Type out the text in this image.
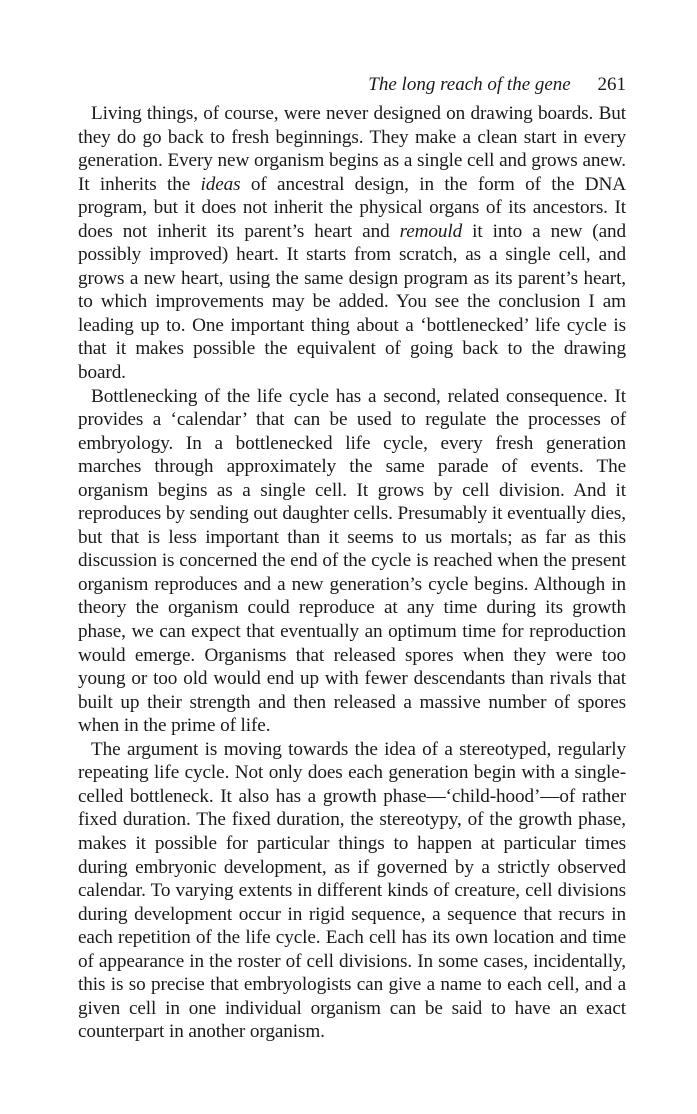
The long reach of the gene 261

Living things, of course, were never designed on drawing boards. But they do go back to fresh beginnings. They make a clean start in every generation. Every new organism begins as a single cell and grows anew. It inherits the ideas of ancestral design, in the form of the DNA program, but it does not inherit the physical organs of its ancestors. It does not inherit its parent’s heart and remould it into a new (and possibly improved) heart. It starts from scratch, as a single cell, and grows a new heart, using the same design program as its parent’s heart, to which improvements may be added. You see the conclusion I am leading up to. One important thing about a ‘bottlenecked’ life cycle is that it makes possible the equivalent of going back to the drawing board.

Bottlenecking of the life cycle has a second, related consequence. It provides a ‘calendar’ that can be used to regulate the processes of embryology. In a bottlenecked life cycle, every fresh generation marches through approximately the same parade of events. The organism begins as a single cell. It grows by cell division. And it reproduces by sending out daughter cells. Presumably it eventually dies, but that is less important than it seems to us mortals; as far as this discussion is concerned the end of the cycle is reached when the present organism reproduces and a new generation’s cycle begins. Although in theory the organism could reproduce at any time during its growth phase, we can expect that eventually an optimum time for reproduction would emerge. Organisms that released spores when they were too young or too old would end up with fewer descendants than rivals that built up their strength and then released a massive number of spores when in the prime of life.

The argument is moving towards the idea of a stereotyped, regularly repeating life cycle. Not only does each generation begin with a single-celled bottleneck. It also has a growth phase—‘child-hood’—of rather fixed duration. The fixed duration, the stereotypy, of the growth phase, makes it possible for particular things to happen at particular times during embryonic development, as if governed by a strictly observed calendar. To varying extents in different kinds of creature, cell divisions during development occur in rigid sequence, a sequence that recurs in each repetition of the life cycle. Each cell has its own location and time of appearance in the roster of cell divisions. In some cases, incidentally, this is so precise that embryologists can give a name to each cell, and a given cell in one individual organism can be said to have an exact counterpart in another organism.
